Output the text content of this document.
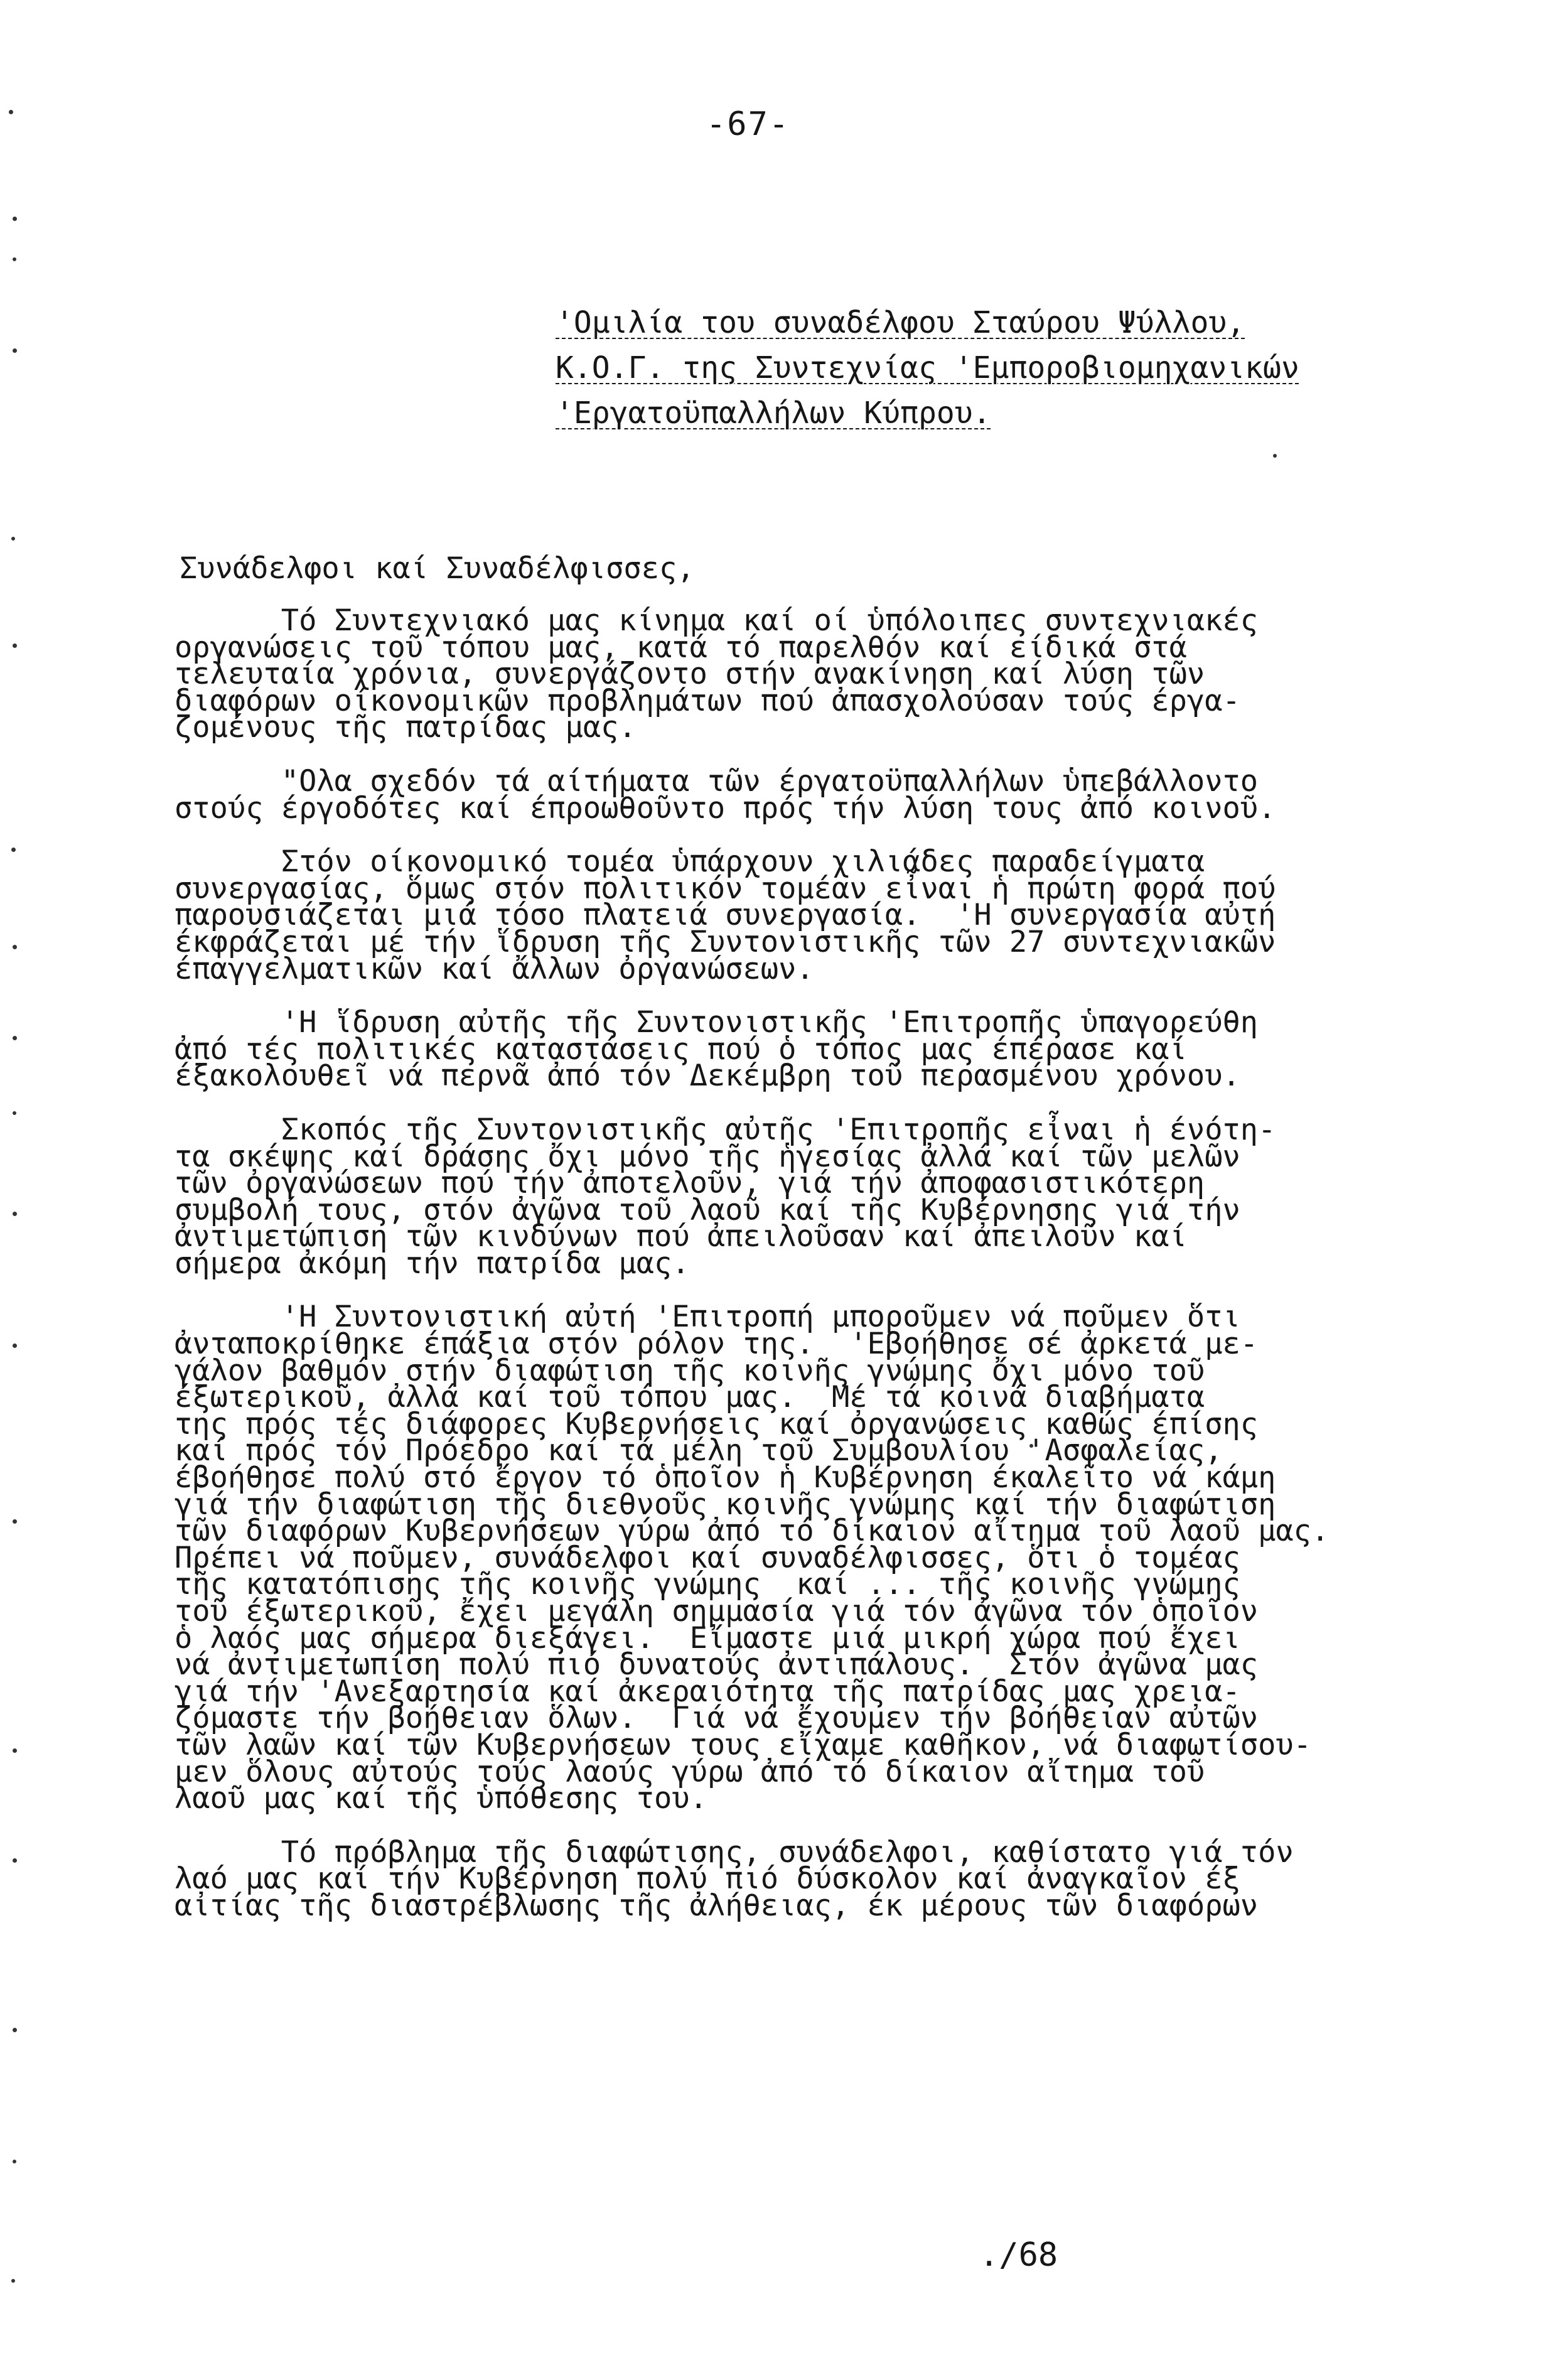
-67-
'Ομιλία του συναδέλφου Σταύρου Ψύλλου,
Κ.Ο.Γ. της Συντεχνίας 'Εμποροβιομηχανικών
'Εργατοϋπαλλήλων Κύπρου.
Συνάδελφοι καί Συναδέλφισσες,
Τό Συντεχνιακό μας κίνημα καί οί ὑπόλοιπες συντεχνιακές
οργανώσεις τοῦ τόπου μας, κατά τό παρελθόν καί είδικά στά
τελευταία χρόνια, συνεργάζοντο στήν ανακίνηση καί λύση τῶν
διαφόρων οίκονομικῶν προβλημάτων πού ἀπασχολούσαν τούς έργα-
ζομένους τῆς πατρίδας μας.
"Ολα σχεδόν τά αίτήματα τῶν έργατοϋπαλλήλων ὑπεβάλλοντο
στούς έργοδότες καί έπροωθοῦντο πρός τήν λύση τους ἀπό κοινοῦ.
Στόν οίκονομικό τομέα ὑπάρχουν χιλιάδες παραδείγματα
συνεργασίας, ὅμως στόν πολιτικόν τομέαν εἶναι ἡ πρώτη φορά πού
παρουσιάζεται μιά τόσο πλατειά συνεργασία.  'Η συνεργασία αὐτή
έκφράζεται μέ τήν ἵδρυση τῆς Συντονιστικῆς τῶν 27 συντεχνιακῶν
έπαγγελματικῶν καί ἄλλων ὀργανώσεων.
'Η ἵδρυση αὐτῆς τῆς Συντονιστικῆς 'Επιτροπῆς ὑπαγορεύθη
ἀπό τές πολιτικές καταστάσεις πού ὁ τόπος μας έπέρασε καί
έξακολουθεῖ νά περνᾶ ἀπό τόν Δεκέμβρη τοῦ περασμένου χρόνου.
Σκοπός τῆς Συντονιστικῆς αὐτῆς 'Επιτροπῆς εἶναι ἡ ένότη-
τα σκέψης καί δράσης ὄχι μόνο τῆς ἡγεσίας ἀλλά καί τῶν μελῶν
τῶν ὀργανώσεων πού τήν ἀποτελοῦν, γιά τήν ἀποφασιστικότερη
συμβολή τους, στόν ἀγῶνα τοῦ λαοῦ καί τῆς Κυβέρνησης γιά τήν
ἀντιμετώπιση τῶν κινδύνων πού ἀπειλοῦσαν καί ἀπειλοῦν καί
σήμερα ἀκόμη τήν πατρίδα μας.
'Η Συντονιστική αὐτή 'Επιτροπή μποροῦμεν νά ποῦμεν ὅτι
ἀνταποκρίθηκε έπάξια στόν ρόλον της.  'Εβοήθησε σέ ἀρκετά με-
γάλον βαθμόν στήν διαφώτιση τῆς κοινῆς γνώμης ὄχι μόνο τοῦ
έξωτερικοῦ, ἀλλά καί τοῦ τόπου μας.  Μέ τά κοινά διαβήματα
της πρός τές διάφορες Κυβερνήσεις καί ὀργανώσεις καθώς έπίσης
καί πρός τόν Πρόεδρο καί τά μέλη τοῦ Συμβουλίου 'Ασφαλείας,
έβοήθησε πολύ στό ἔργον τό ὁποῖον ἡ Κυβέρνηση έκαλεῖτο νά κάμη
γιά τήν διαφώτιση τῆς διεθνοῦς κοινῆς γνώμης καί τήν διαφώτιση
τῶν διαφόρων Κυβερνήσεων γύρω ἀπό τό δίκαιον αἴτημα τοῦ λαοῦ μας.
Πρέπει νά ποῦμεν, συνάδελφοι καί συναδέλφισσες, ὅτι ὁ τομέας
τῆς κατατόπισης τῆς κοινῆς γνώμης  καί ... τῆς κοινῆς γνώμης
τοῦ έξωτερικοῦ, ἔχει μεγάλη σημμασία γιά τόν ἀγῶνα τόν ὁποῖον
ὁ λαός μας σήμερα διεξάγει.  Εἴμαστε μιά μικρή χώρα πού ἔχει
νά ἀντιμετωπίση πολύ πιό δυνατούς ἀντιπάλους.  Στόν ἀγῶνα μας
γιά τήν 'Ανεξαρτησία καί ἀκεραιότητα τῆς πατρίδας μας χρεια-
ζόμαστε τήν βοήθειαν ὅλων.  Γιά νά ἔχουμεν τήν βοήθειαν αὐτῶν
τῶν λαῶν καί τῶν Κυβερνήσεων τους εἴχαμε καθῆκον, νά διαφωτίσου-
μεν ὅλους αὐτούς τούς λαούς γύρω ἀπό τό δίκαιον αἴτημα τοῦ
λαοῦ μας καί τῆς ὑπόθεσης του.
Τό πρόβλημα τῆς διαφώτισης, συνάδελφοι, καθίστατο γιά τόν
λαό μας καί τήν Κυβέρνηση πολύ πιό δύσκολον καί ἀναγκαῖον έξ
αἰτίας τῆς διαστρέβλωσης τῆς ἀλήθειας, έκ μέρους τῶν διαφόρων
./68
